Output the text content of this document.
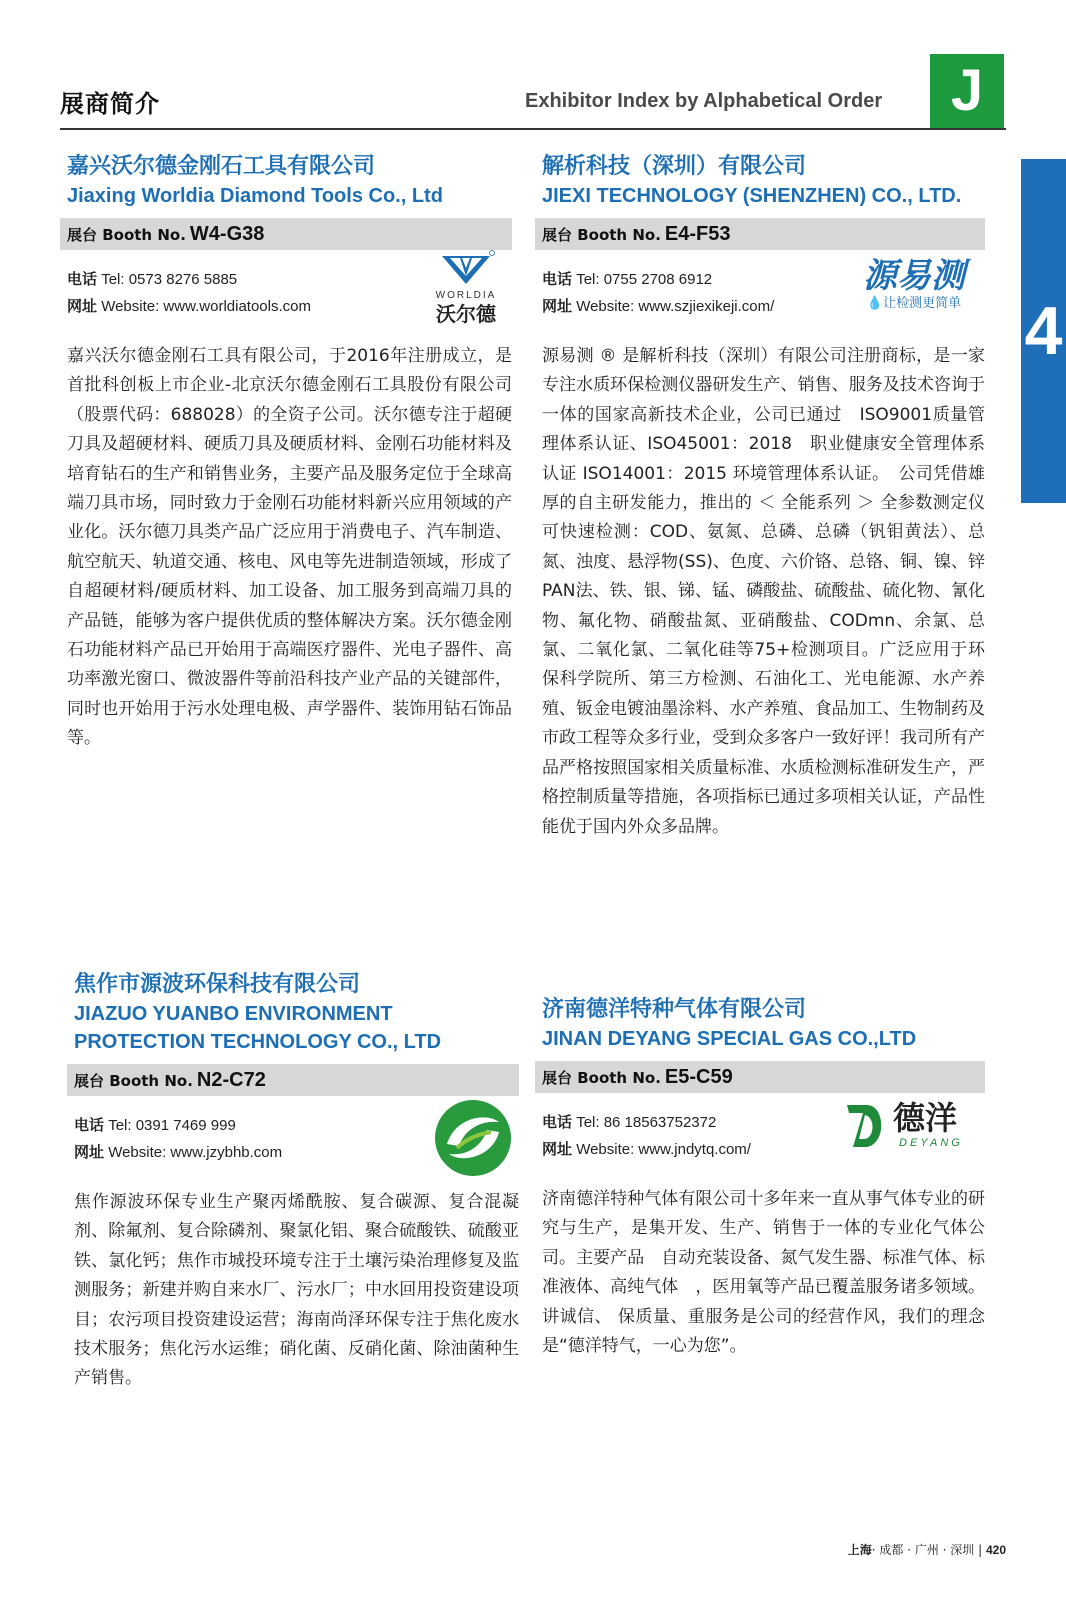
展商简介	Exhibitor Index by Alphabetical Order	J
4
嘉兴沃尔德金刚石工具有限公司
Jiaxing Worldia Diamond Tools Co., Ltd
展台 Booth No. W4-G38
电话 Tel: 0573 8276 5885
网址 Website: www.worldiatools.com
WORLDIA
沃尔德
嘉兴沃尔德金刚石工具有限公司，于2016年注册成立，是首批科创板上市企业-北京沃尔德金刚石工具股份有限公司（股票代码：688028）的全资子公司。沃尔德专注于超硬刀具及超硬材料、硬质刀具及硬质材料、金刚石功能材料及培育钻石的生产和销售业务，主要产品及服务定位于全球高端刀具市场，同时致力于金刚石功能材料新兴应用领域的产业化。沃尔德刀具类产品广泛应用于消费电子、汽车制造、航空航天、轨道交通、核电、风电等先进制造领域，形成了自超硬材料/硬质材料、加工设备、加工服务到高端刀具的产品链，能够为客户提供优质的整体解决方案。沃尔德金刚石功能材料产品已开始用于高端医疗器件、光电子器件、高功率激光窗口、微波器件等前沿科技产业产品的关键部件，同时也开始用于污水处理电极、声学器件、装饰用钻石饰品等。
解析科技（深圳）有限公司
JIEXI TECHNOLOGY (SHENZHEN) CO., LTD.
展台 Booth No. E4-F53
电话 Tel: 0755 2708 6912
网址 Website: www.szjiexikeji.com/
源易测
💧让检测更简单
源易测 ® 是解析科技（深圳）有限公司注册商标，是一家专注水质环保检测仪器研发生产、销售、服务及技术咨询于一体的国家高新技术企业，公司已通过　ISO9001质量管理体系认证、ISO45001：2018　职业健康安全管理体系认证 ISO14001：2015 环境管理体系认证。　公司凭借雄厚的自主研发能力，推出的 ＜ 全能系列 ＞ 全参数测定仪可快速检测：COD、氨氮、总磷、总磷（钒钼黄法）、总氮、浊度、悬浮物(SS)、色度、六价铬、总铬、铜、镍、锌PAN法、铁、银、锑、锰、磷酸盐、硫酸盐、硫化物、氰化物、氟化物、硝酸盐氮、亚硝酸盐、CODmn、余氯、总氯、二氧化氯、二氧化硅等75+检测项目。广泛应用于环保科学院所、第三方检测、石油化工、光电能源、水产养殖、钣金电镀油墨涂料、水产养殖、食品加工、生物制药及市政工程等众多行业，受到众多客户一致好评！我司所有产品严格按照国家相关质量标准、水质检测标准研发生产，严格控制质量等措施，各项指标已通过多项相关认证，产品性能优于国内外众多品牌。
焦作市源波环保科技有限公司
JIAZUO YUANBO ENVIRONMENT
PROTECTION TECHNOLOGY CO., LTD
展台 Booth No. N2-C72
电话 Tel: 0391 7469 999
网址 Website: www.jzybhb.com
焦作源波环保专业生产聚丙烯酰胺、复合碳源、复合混凝剂、除氟剂、复合除磷剂、聚氯化铝、聚合硫酸铁、硫酸亚铁、氯化钙；焦作市城投环境专注于土壤污染治理修复及监测服务；新建并购自来水厂、污水厂；中水回用投资建设项目；农污项目投资建设运营；海南尚泽环保专注于焦化废水技术服务；焦化污水运维；硝化菌、反硝化菌、除油菌种生产销售。
济南德洋特种气体有限公司
JINAN DEYANG SPECIAL GAS CO.,LTD
展台 Booth No. E5-C59
电话 Tel: 86 18563752372
网址 Website: www.jndytq.com/
德洋
DEYANG
济南德洋特种气体有限公司十多年来一直从事气体专业的研究与生产，是集开发、生产、销售于一体的专业化气体公司。主要产品　自动充装设备、氮气发生器、标准气体、标准液体、高纯气体　，医用氧等产品已覆盖服务诸多领域。讲诚信、 保质量、重服务是公司的经营作风，我们的理念是“德洋特气，一心为您”。
上海· 成都 · 广州 · 深圳 | 420
